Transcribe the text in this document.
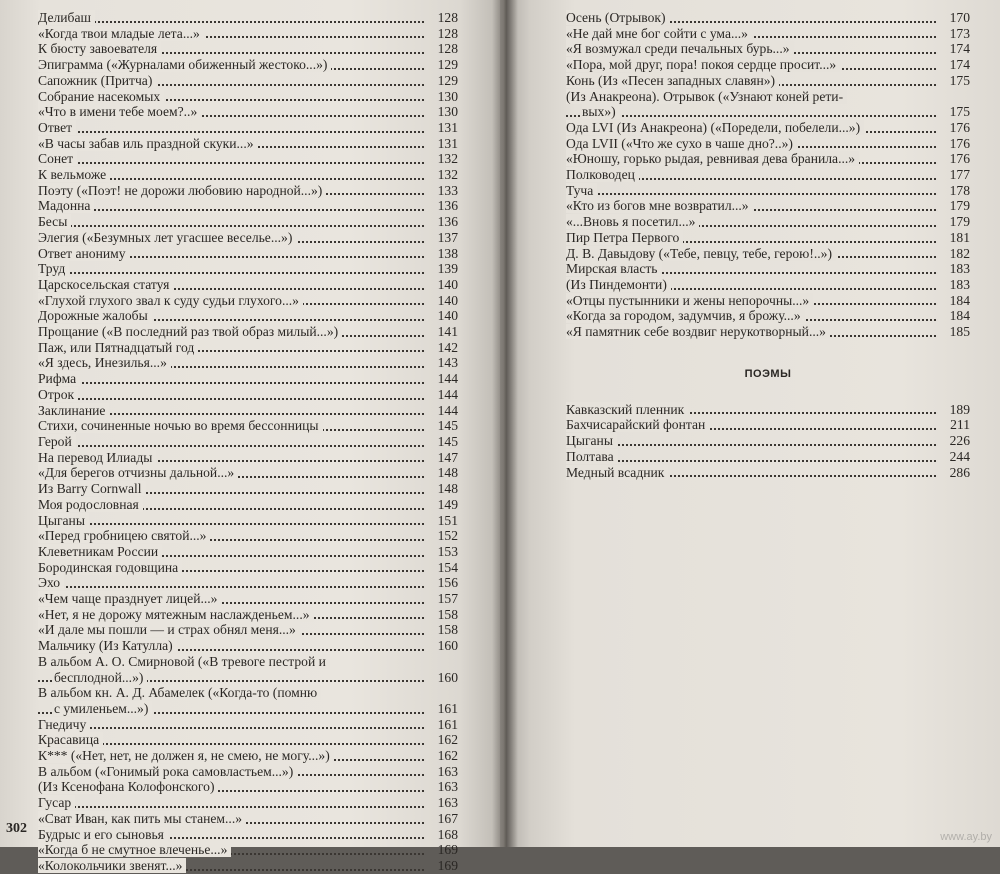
Делибаш	128
«Когда твои младые лета...»	128
К бюсту завоевателя	128
Эпиграмма («Журналами обиженный жестоко...»)	129
Сапожник (Притча)	129
Собрание насекомых	130
«Что в имени тебе моем?..»	130
Ответ	131
«В часы забав иль праздной скуки...»	131
Сонет	132
К вельможе	132
Поэту («Поэт! не дорожи любовию народной...»)	133
Мадонна	136
Бесы	136
Элегия («Безумных лет угасшее веселье...»)	137
Ответ анониму	138
Труд	139
Царскосельская статуя	140
«Глухой глухого звал к суду судьи глухого...»	140
Дорожные жалобы	140
Прощание («В последний раз твой образ милый...»)	141
Паж, или Пятнадцатый год	142
«Я здесь, Инезилья...»	143
Рифма	144
Отрок	144
Заклинание	144
Стихи, сочиненные ночью во время бессонницы	145
Герой	145
На перевод Илиады	147
«Для берегов отчизны дальной...»	148
Из Barry Cornwall	148
Моя родословная	149
Цыганы	151
«Перед гробницею святой...»	152
Клеветникам России	153
Бородинская годовщина	154
Эхо	156
«Чем чаще празднует лицей...»	157
«Нет, я не дорожу мятежным наслажденьем...»	158
«И дале мы пошли — и страх обнял меня...»	158
Мальчику (Из Катулла)	160
В альбом А. О. Смирновой («В тревоге пестрой и
бесплодной...»)	160
В альбом кн. А. Д. Абамелек («Когда-то (помню
с умиленьем...»)	161
Гнедичу	161
Красавица	162
К*** («Нет, нет, не должен я, не смею, не могу...»)	162
В альбом («Гонимый рока самовластьем...»)	163
(Из Ксенофана Колофонского)	163
Гусар	163
«Сват Иван, как пить мы станем...»	167
Будрыс и его сыновья	168
«Когда б не смутное влеченье...»	169
«Колокольчики звенят...»	169
302
Осень (Отрывок)	170
«Не дай мне бог сойти с ума...»	173
«Я возмужал среди печальных бурь...»	174
«Пора, мой друг, пора! покоя сердце просит...»	174
Конь (Из «Песен западных славян»)	175
(Из Анакреона). Отрывок («Узнают коней рети-
вых»)	175
Ода LVI (Из Анакреона) («Поредели, побелели...»)	176
Ода LVII («Что же сухо в чаше дно?..»)	176
«Юношу, горько рыдая, ревнивая дева бранила...»	176
Полководец	177
Туча	178
«Кто из богов мне возвратил...»	179
«...Вновь я посетил...»	179
Пир Петра Первого	181
Д. В. Давыдову («Тебе, певцу, тебе, герою!..»)	182
Мирская власть	183
(Из Пиндемонти)	183
«Отцы пустынники и жены непорочны...»	184
«Когда за городом, задумчив, я брожу...»	184
«Я памятник себе воздвиг нерукотворный...»	185
ПОЭМЫ
Кавказский пленник	189
Бахчисарайский фонтан	211
Цыганы	226
Полтава	244
Медный всадник	286
www.ay.by
